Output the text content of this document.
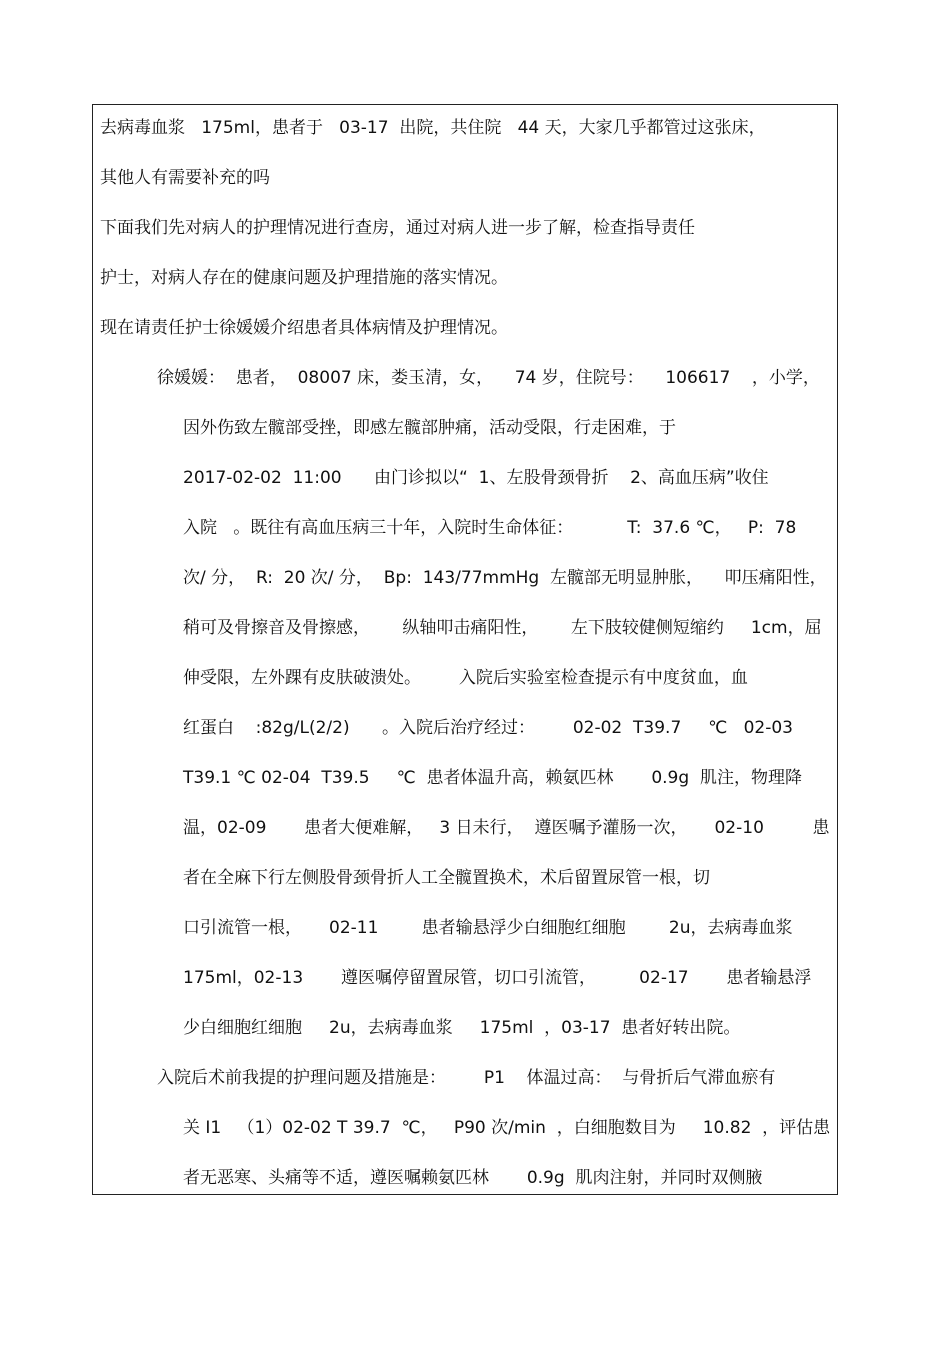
去病毒血浆   175ml，患者于   03-17  出院，共住院   44 天，大家几乎都管过这张床，
其他人有需要补充的吗
下面我们先对病人的护理情况进行查房，通过对病人进一步了解，检查指导责任
护士，对病人存在的健康问题及护理措施的落实情况。
现在请责任护士徐媛媛介绍患者具体病情及护理情况。
徐媛媛：  患者，  08007 床，娄玉清，女，    74 岁，住院号：    106617    ，小学，
因外伤致左髋部受挫，即感左髋部肿痛，活动受限，行走困难，于
2017-02-02  11:00      由门诊拟以“  1、左股骨颈骨折    2、高血压病”收住
入院   。既往有高血压病三十年，入院时生命体征：          T:  37.6 ℃，   P:  78
次/ 分，  R:  20 次/ 分，  Bp:  143/77mmHg  左髋部无明显肿胀，    叩压痛阳性，
稍可及骨擦音及骨擦感，      纵轴叩击痛阳性，      左下肢较健侧短缩约     1cm，屈
伸受限，左外踝有皮肤破溃处。       入院后实验室检查提示有中度贫血，血
红蛋白    :82g/L(2/2)      。入院后治疗经过：       02-02  T39.7     ℃   02-03
T39.1 ℃ 02-04  T39.5     ℃  患者体温升高，赖氨匹林       0.9g  肌注，物理降
温，02-09       患者大便难解，   3 日未行，  遵医嘱予灌肠一次，     02-10         患
者在全麻下行左侧股骨颈骨折人工全髋置换术，术后留置尿管一根，切
口引流管一根，     02-11        患者输悬浮少白细胞红细胞        2u，去病毒血浆
175ml，02-13       遵医嘱停留置尿管，切口引流管，        02-17       患者输悬浮
少白细胞红细胞     2u，去病毒血浆     175ml  ，03-17  患者好转出院。
入院后术前我提的护理问题及措施是：       P1    体温过高：  与骨折后气滞血瘀有
关 I1   （1）02-02 T 39.7  ℃，   P90 次/min  ，白细胞数目为     10.82  ，评估患
者无恶寒、头痛等不适，遵医嘱赖氨匹林       0.9g  肌肉注射，并同时双侧腋
